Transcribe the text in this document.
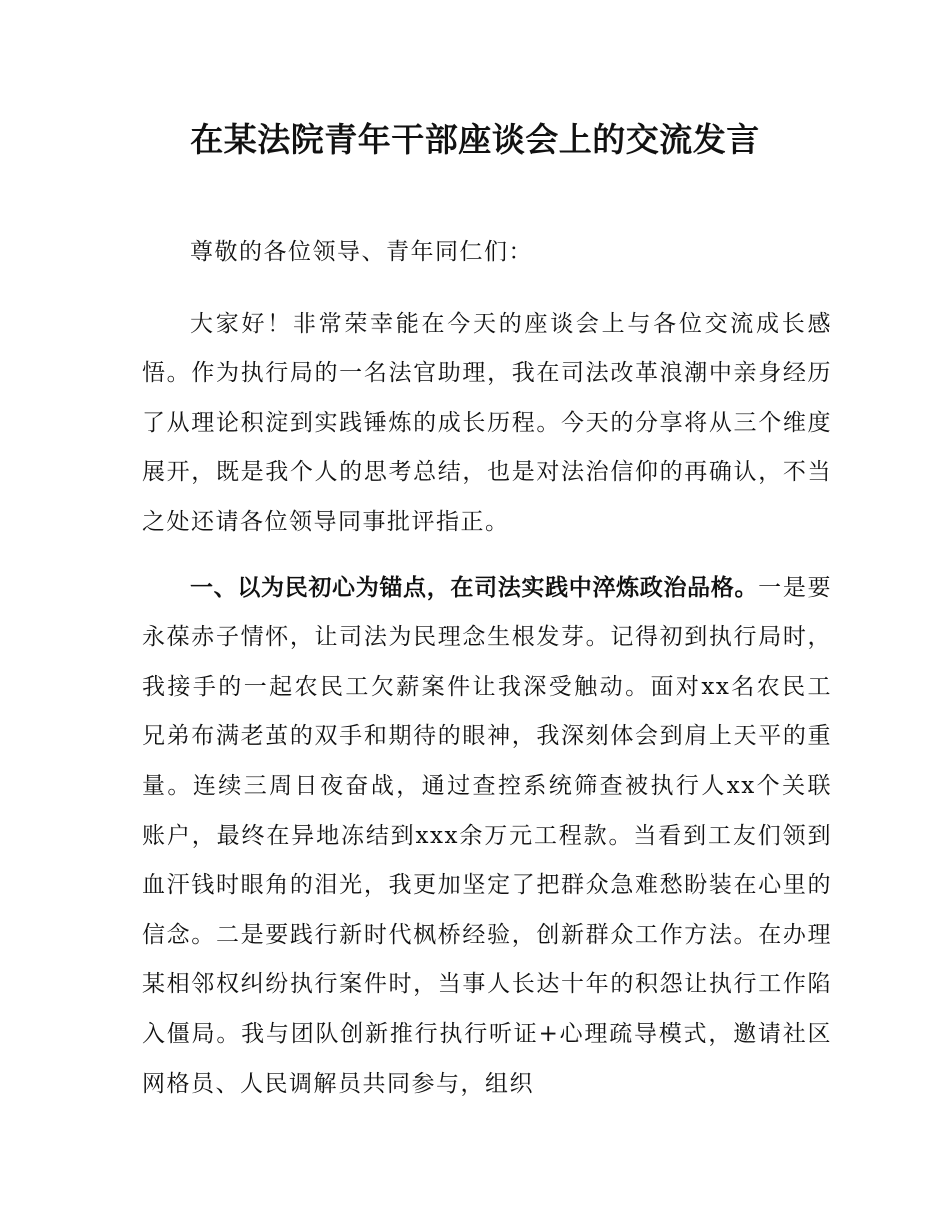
在某法院青年干部座谈会上的交流发言

尊敬的各位领导、青年同仁们：

大家好！非常荣幸能在今天的座谈会上与各位交流成长感悟。作为执行局的一名法官助理，我在司法改革浪潮中亲身经历了从理论积淀到实践锤炼的成长历程。今天的分享将从三个维度展开，既是我个人的思考总结，也是对法治信仰的再确认，不当之处还请各位领导同事批评指正。

一、以为民初心为锚点，在司法实践中淬炼政治品格。一是要永葆赤子情怀，让司法为民理念生根发芽。记得初到执行局时，我接手的一起农民工欠薪案件让我深受触动。面对xx名农民工兄弟布满老茧的双手和期待的眼神，我深刻体会到肩上天平的重量。连续三周日夜奋战，通过查控系统筛查被执行人xx个关联账户，最终在异地冻结到xxx余万元工程款。当看到工友们领到血汗钱时眼角的泪光，我更加坚定了把群众急难愁盼装在心里的信念。二是要践行新时代枫桥经验，创新群众工作方法。在办理某相邻权纠纷执行案件时，当事人长达十年的积怨让执行工作陷入僵局。我与团队创新推行执行听证+心理疏导模式，邀请社区网格员、人民调解员共同参与，组织
